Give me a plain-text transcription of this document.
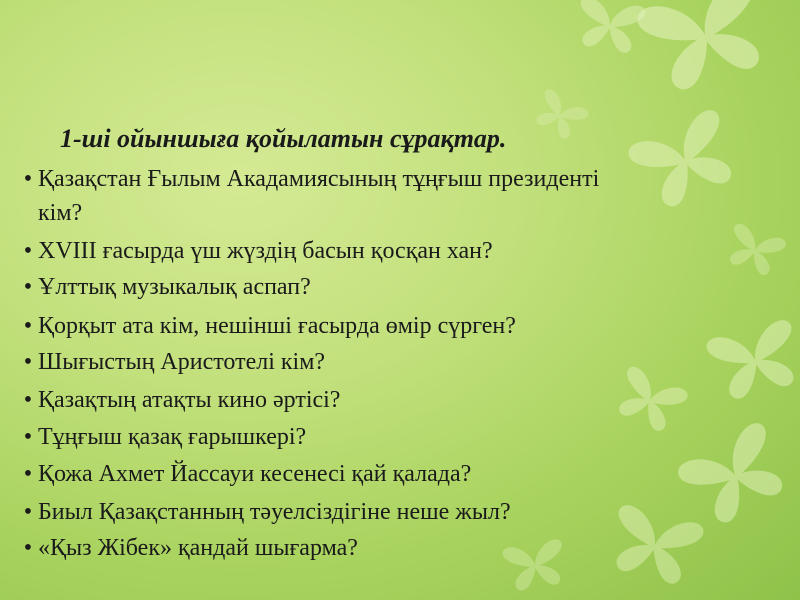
1-ші ойыншыға қойылатын сұрақтар.
• Қазақстан Ғылым Акадамиясының тұңғыш президенті
кім?
• XVIII ғасырда үш жүздің басын қосқан хан?
• Ұлттық музыкалық аспап?
• Қорқыт ата кім, нешінші ғасырда өмір сүрген?
• Шығыстың Аристотелі кім?
• Қазақтың атақты кино әртісі?
• Тұңғыш қазақ ғарышкері?
• Қожа Ахмет Йассауи кесенесі қай қалада?
• Биыл Қазақстанның тәуелсіздігіне неше жыл?
• «Қыз Жібек» қандай шығарма?
